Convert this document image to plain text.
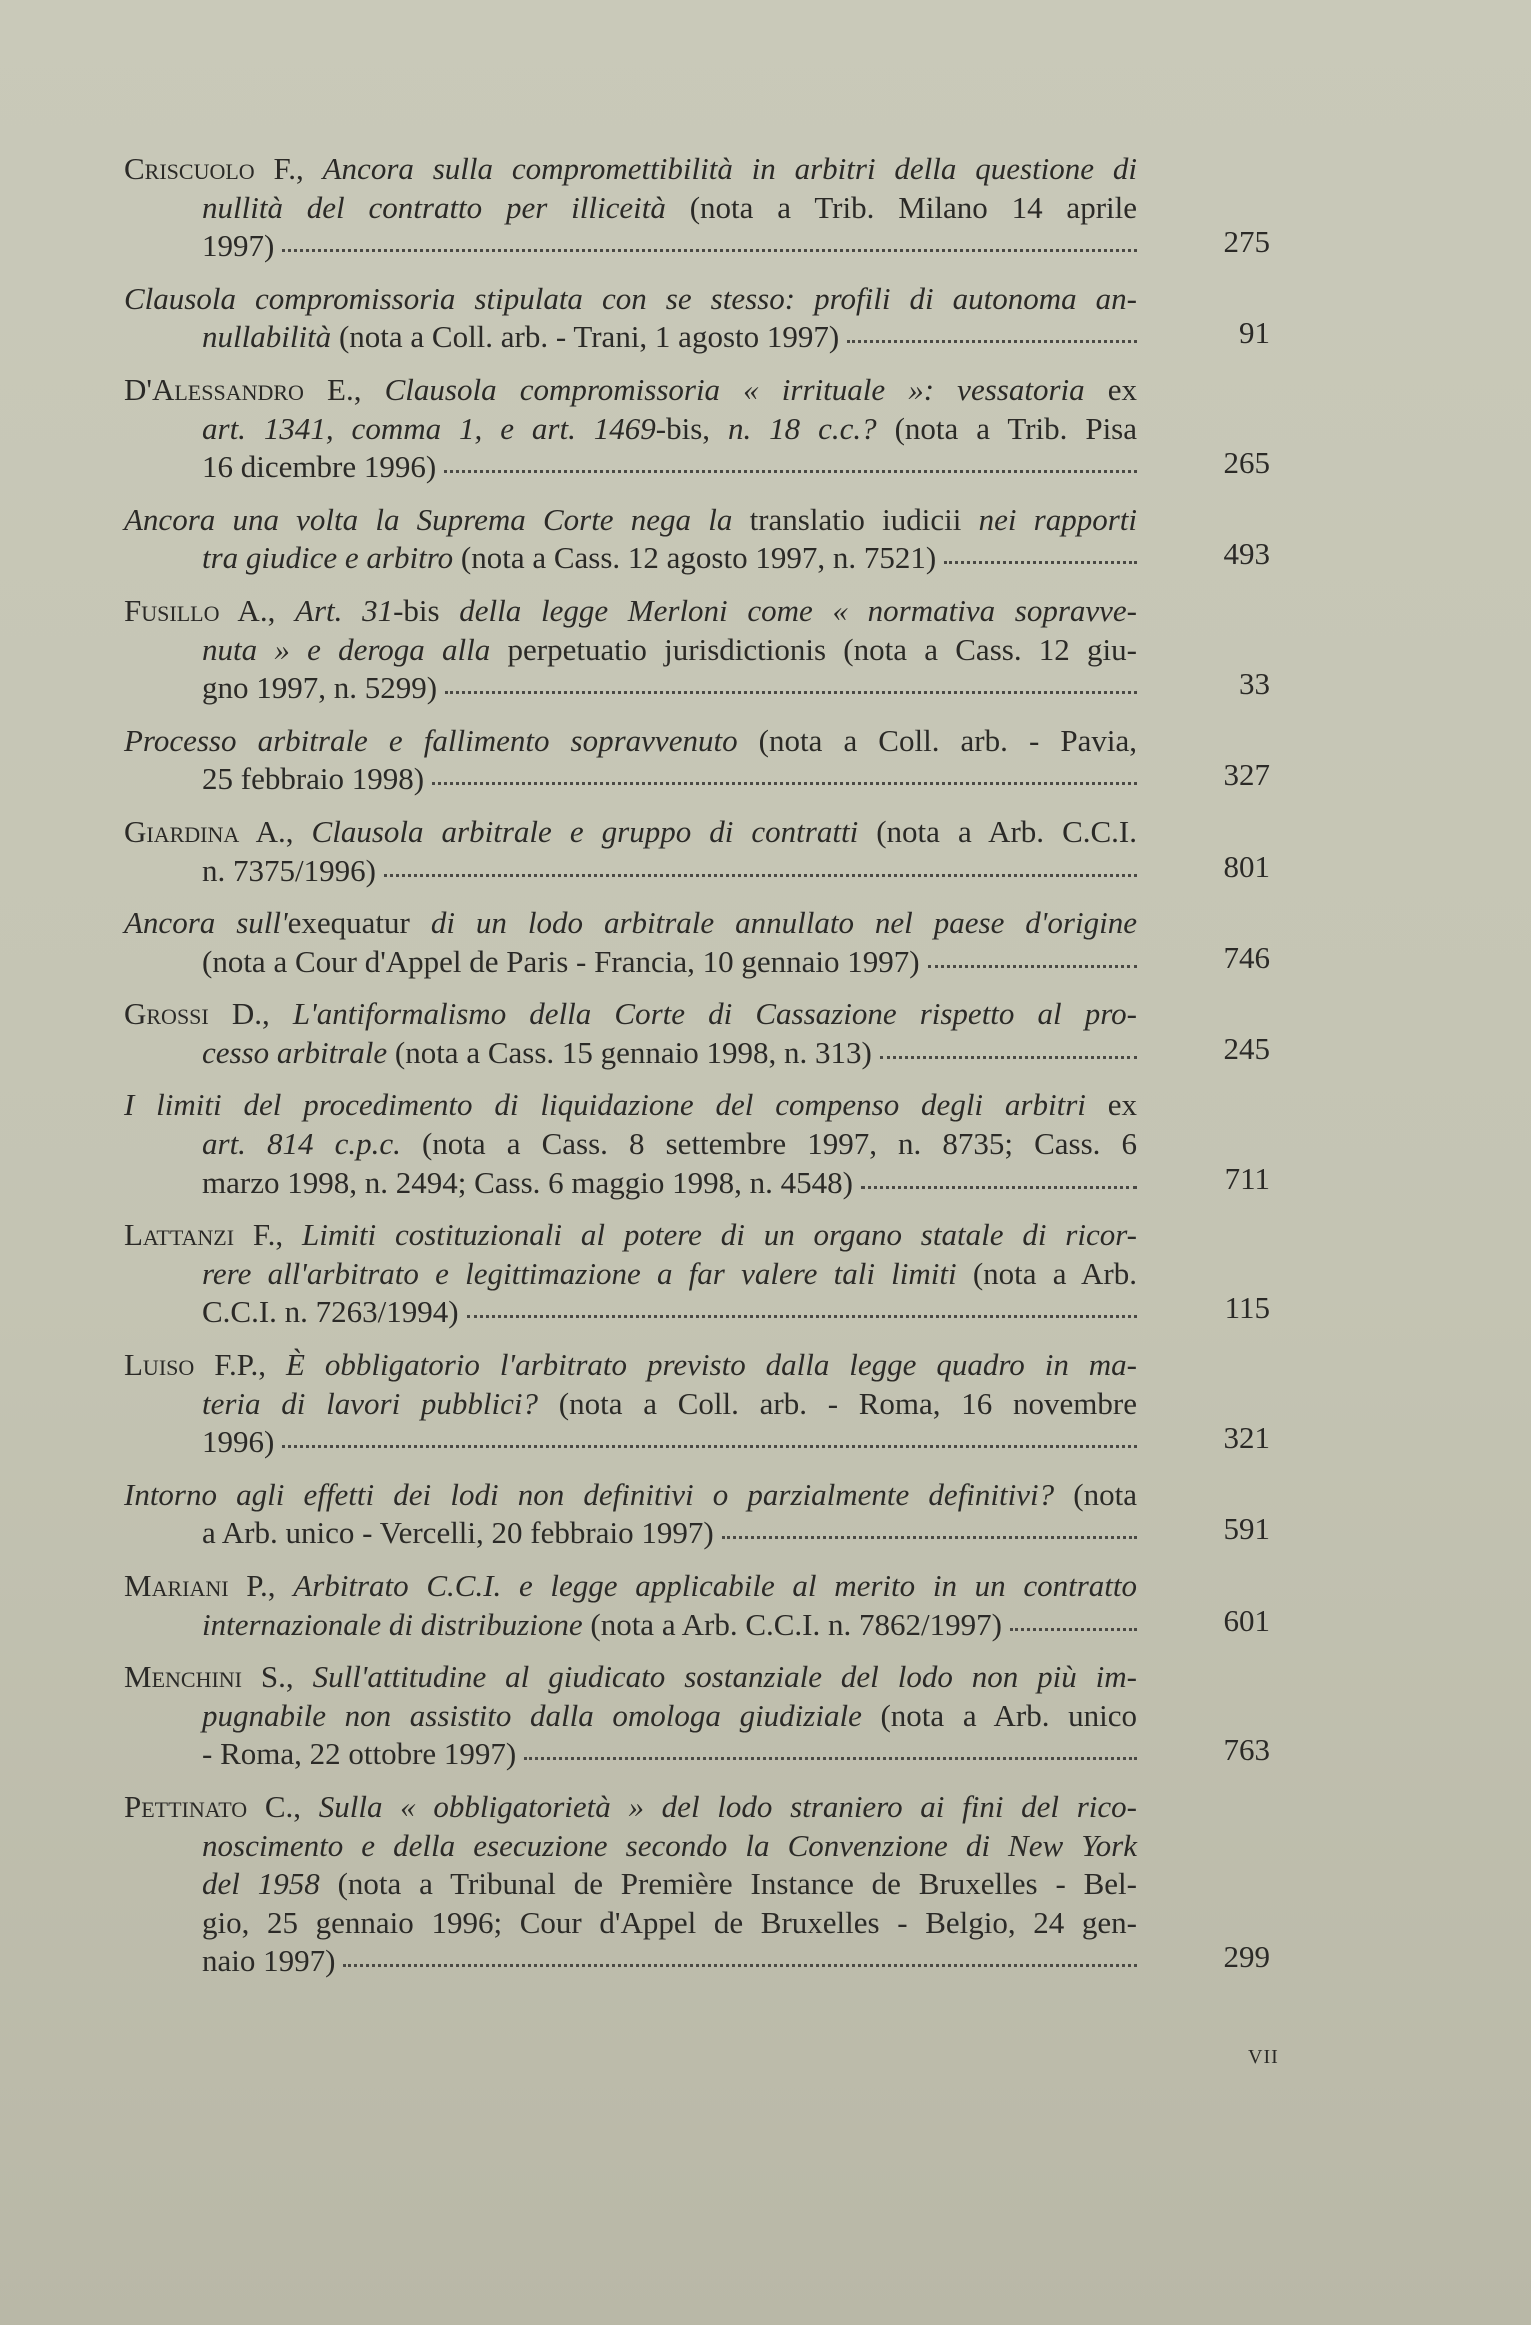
Criscuolo F., Ancora sulla compromettibilità in arbitri della questione di
nullità del contratto per illiceità (nota a Trib. Milano 14 aprile
1997)	275
Clausola compromissoria stipulata con se stesso: profili di autonoma an-
nullabilità (nota a Coll. arb. - Trani, 1 agosto 1997)	91
D'Alessandro E., Clausola compromissoria « irrituale »: vessatoria ex
art. 1341, comma 1, e art. 1469-bis, n. 18 c.c.? (nota a Trib. Pisa
16 dicembre 1996)	265
Ancora una volta la Suprema Corte nega la translatio iudicii nei rapporti
tra giudice e arbitro (nota a Cass. 12 agosto 1997, n. 7521)	493
Fusillo A., Art. 31-bis della legge Merloni come « normativa sopravve-
nuta » e deroga alla perpetuatio jurisdictionis (nota a Cass. 12 giu-
gno 1997, n. 5299)	33
Processo arbitrale e fallimento sopravvenuto (nota a Coll. arb. - Pavia,
25 febbraio 1998)	327
Giardina A., Clausola arbitrale e gruppo di contratti (nota a Arb. C.C.I.
n. 7375/1996)	801
Ancora sull'exequatur di un lodo arbitrale annullato nel paese d'origine
(nota a Cour d'Appel de Paris - Francia, 10 gennaio 1997)	746
Grossi D., L'antiformalismo della Corte di Cassazione rispetto al pro-
cesso arbitrale (nota a Cass. 15 gennaio 1998, n. 313)	245
I limiti del procedimento di liquidazione del compenso degli arbitri ex
art. 814 c.p.c. (nota a Cass. 8 settembre 1997, n. 8735; Cass. 6
marzo 1998, n. 2494; Cass. 6 maggio 1998, n. 4548)	711
Lattanzi F., Limiti costituzionali al potere di un organo statale di ricor-
rere all'arbitrato e legittimazione a far valere tali limiti (nota a Arb.
C.C.I. n. 7263/1994)	115
Luiso F.P., È obbligatorio l'arbitrato previsto dalla legge quadro in ma-
teria di lavori pubblici? (nota a Coll. arb. - Roma, 16 novembre
1996)	321
Intorno agli effetti dei lodi non definitivi o parzialmente definitivi? (nota
a Arb. unico - Vercelli, 20 febbraio 1997)	591
Mariani P., Arbitrato C.C.I. e legge applicabile al merito in un contratto
internazionale di distribuzione (nota a Arb. C.C.I. n. 7862/1997)	601
Menchini S., Sull'attitudine al giudicato sostanziale del lodo non più im-
pugnabile non assistito dalla omologa giudiziale (nota a Arb. unico
- Roma, 22 ottobre 1997)	763
Pettinato C., Sulla « obbligatorietà » del lodo straniero ai fini del rico-
noscimento e della esecuzione secondo la Convenzione di New York
del 1958 (nota a Tribunal de Première Instance de Bruxelles - Bel-
gio, 25 gennaio 1996; Cour d'Appel de Bruxelles - Belgio, 24 gen-
naio 1997)	299
VII
